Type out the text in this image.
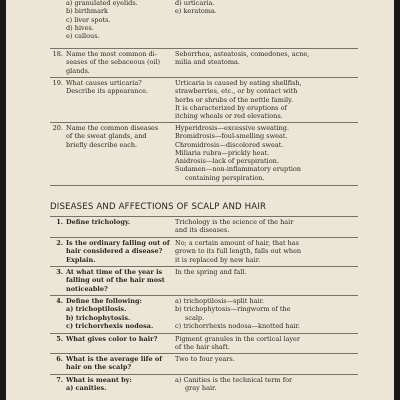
a) granulated eyelids.
b) birthmark
c) liver spots.
d) hives.
e) callous.
d) urticaria.
e) keratoma.
18. Name the most common di-
seases of the sebaceous (oil)
glands.
Seborrhea, asteatosis, comedones, acne,
milia and steatoma.
19. What causes urticaria?
Describe its appearance.
Urticaria is caused by eating shellfish,
strawberries, etc., or by contact with
herbs or shrubs of the nettle family.
It is characterized by eruptions of
itching wheals or red elevations.
20. Name the common diseases
of the sweat glands, and
briefly describe each.
Hyperidrosis—excessive sweating.
Bromidrosis—foul-smelling sweat.
Chromidrosis—discolored sweat.
Miliaria rubra—prickly heat.
Anidrosis—lack of perspiration.
Sudamen—non-inflammatory eruption
containing perspiration.
DISEASES AND AFFECTIONS OF SCALP AND HAIR
1. Define trichology.	Trichology is the science of the hair
and its diseases.
2. Is the ordinary falling out of
hair considered a disease?
Explain.
No; a certain amount of hair, that has
grown to its full length, falls out when
it is replaced by new hair.
3. At what time of the year is
falling out of the hair most
noticeable?
In the spring and fall.
4. Define the following:
a) trichoptilosis.
b) trichophytosis.
c) trichorrhexis nodosa.
a) trichoptilosis—split hair.
b) trichophytosis—ringworm of the
scalp.
c) trichorrhexis nodosa—knotted hair.
5. What gives color to hair?	Pigment granules in the cortical layer
of the hair shaft.
6. What is the average life of
hair on the scalp?
Two to four years.
7. What is meant by:
a) canities.
a) Canities is the technical term for
gray hair.
